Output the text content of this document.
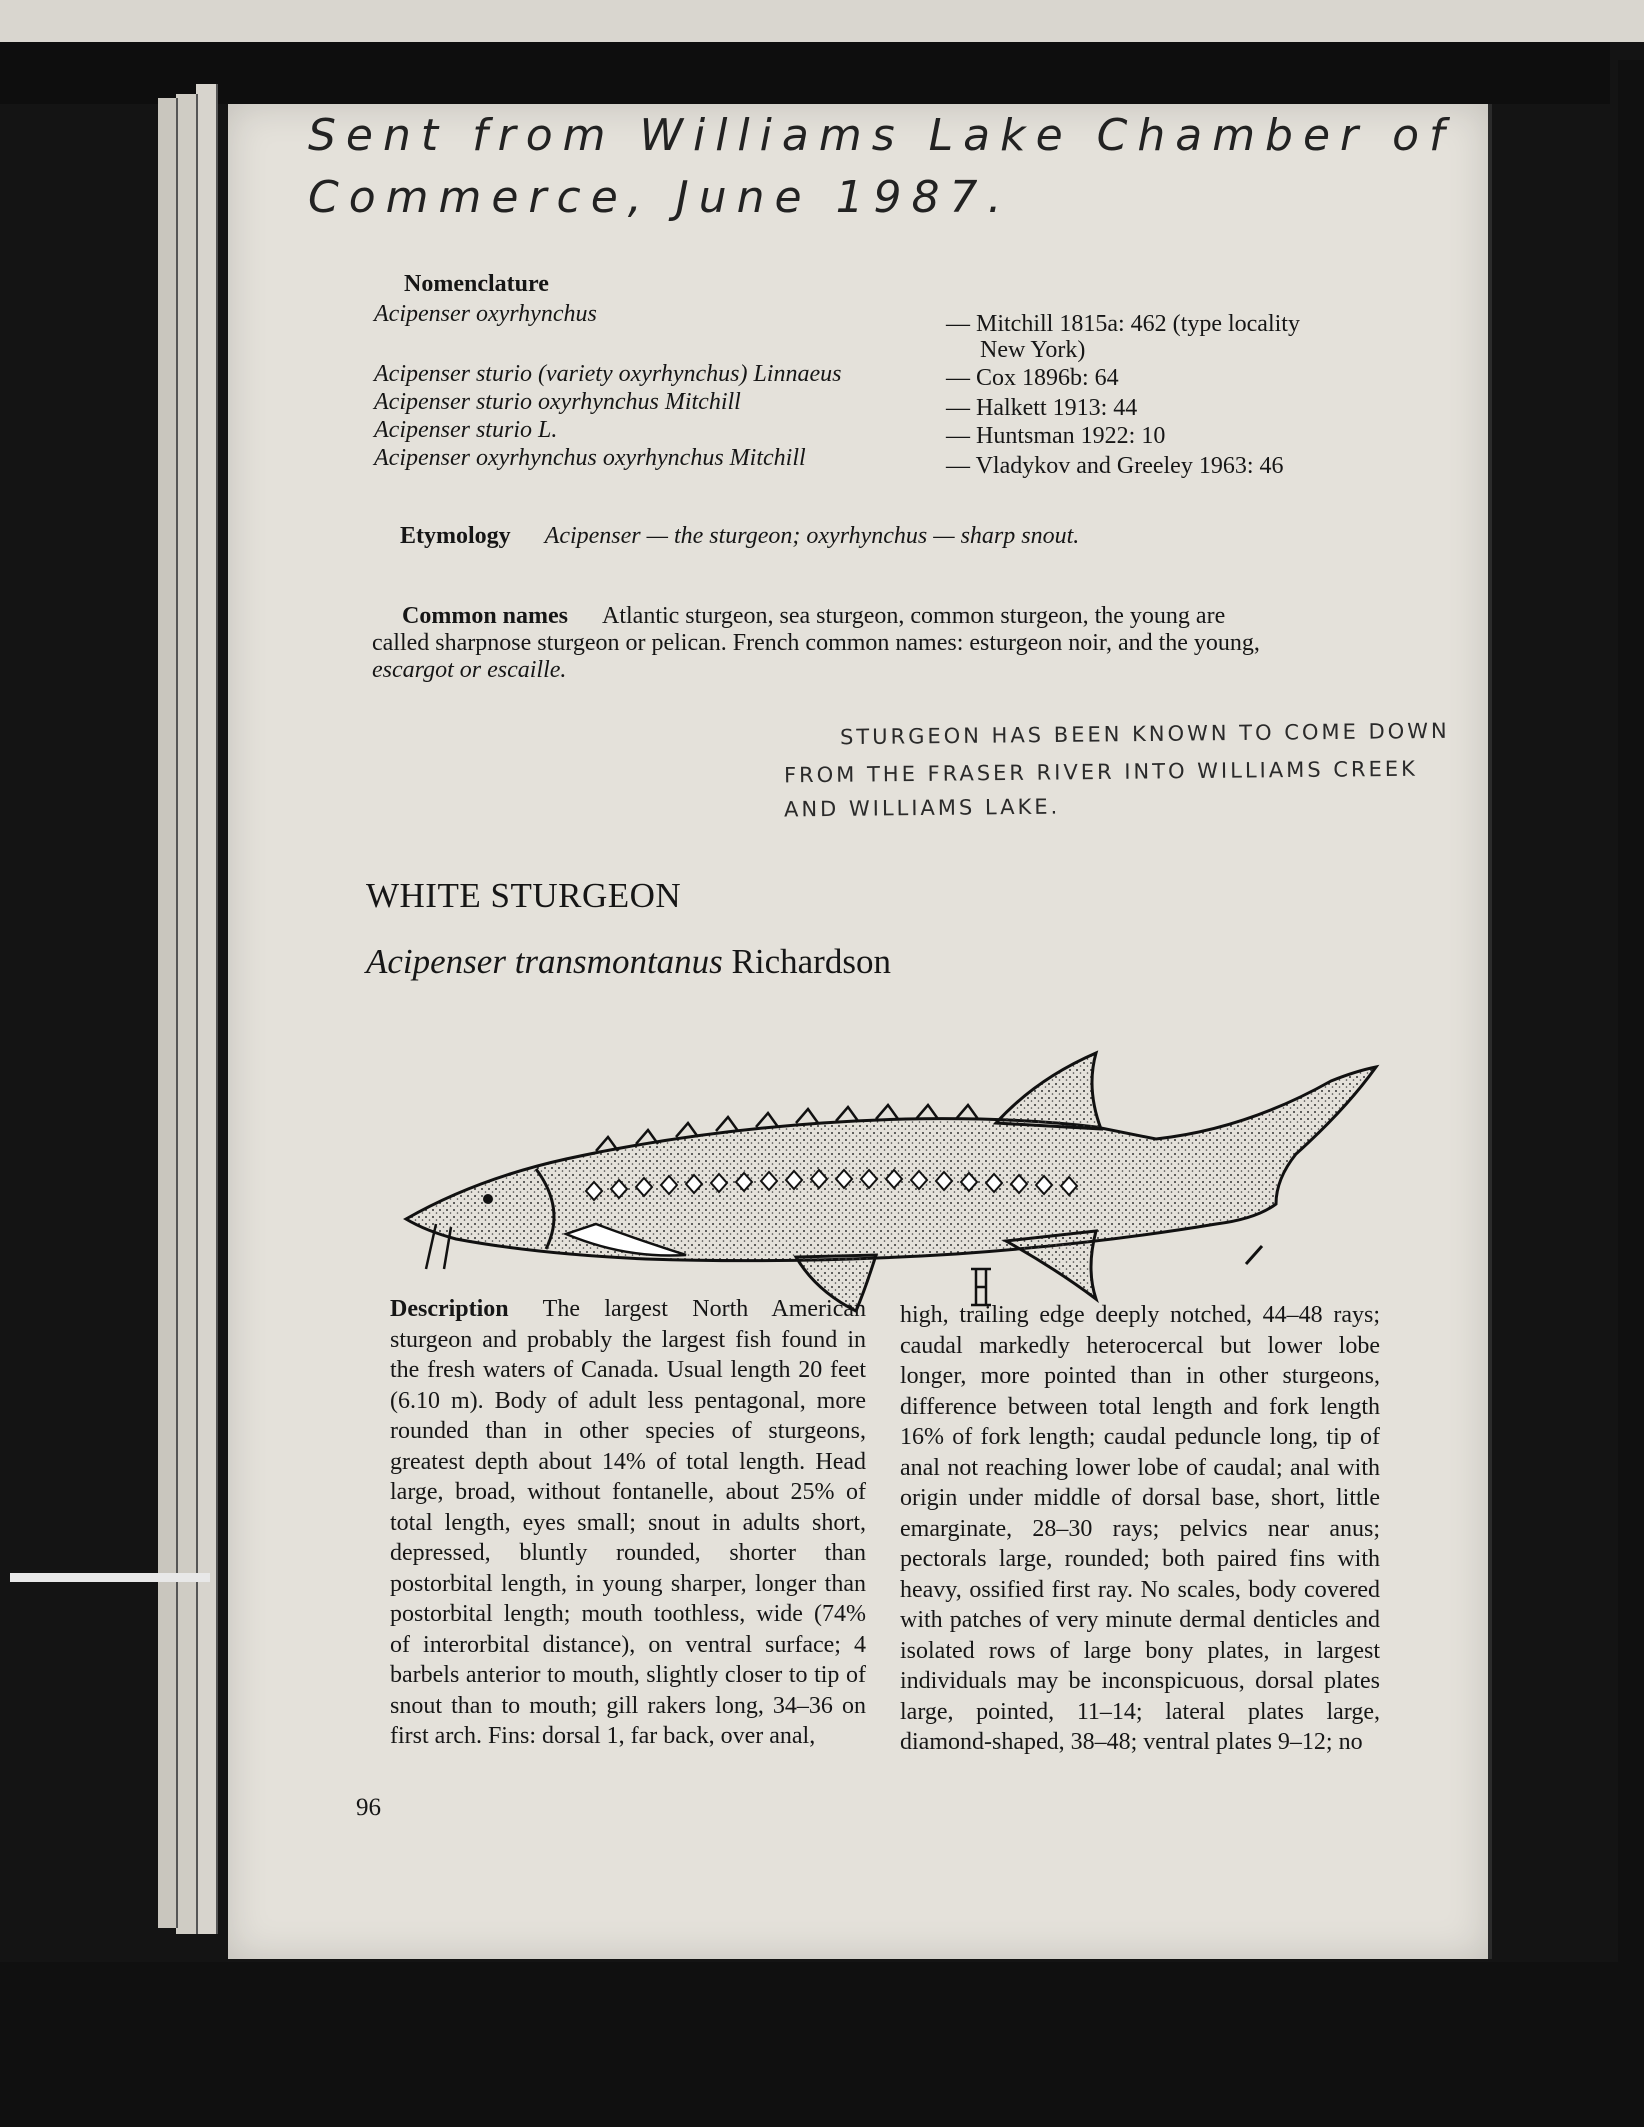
Sent from Williams Lake Chamber of
Commerce, June 1987.
Nomenclature
Acipenser oxyrhynchus	— Mitchill 1815a: 462 (type locality
New York)
Acipenser sturio (variety oxyrhynchus) Linnaeus	— Cox 1896b: 64
Acipenser sturio oxyrhynchus Mitchill	— Halkett 1913: 44
Acipenser sturio L.	— Huntsman 1922: 10
Acipenser oxyrhynchus oxyrhynchus Mitchill	— Vladykov and Greeley 1963: 46
Etymology Acipenser — the sturgeon; oxyrhynchus — sharp snout.
Common names Atlantic sturgeon, sea sturgeon, common sturgeon, the young are
called sharpnose sturgeon or pelican. French common names: esturgeon noir, and the young,
escargot or escaille.
STURGEON HAS BEEN KNOWN TO COME DOWN
FROM THE FRASER RIVER INTO WILLIAMS CREEK
AND WILLIAMS LAKE.
WHITE STURGEON
Acipenser transmontanus Richardson

Description The largest North American sturgeon and probably the largest fish found in the fresh waters of Canada. Usual length 20 feet (6.10 m). Body of adult less pentagonal, more rounded than in other species of sturgeons, greatest depth about 14% of total length. Head large, broad, without fontanelle, about 25% of total length, eyes small; snout in adults short, depressed, bluntly rounded, shorter than postorbital length, in young sharper, longer than postorbital length; mouth toothless, wide (74% of interorbital distance), on ventral surface; 4 barbels anterior to mouth, slightly closer to tip of snout than to mouth; gill rakers long, 34–36 on first arch. Fins: dorsal 1, far back, over anal,

high, trailing edge deeply notched, 44–48 rays; caudal markedly heterocercal but lower lobe longer, more pointed than in other sturgeons, difference between total length and fork length 16% of fork length; caudal peduncle long, tip of anal not reaching lower lobe of caudal; anal with origin under middle of dorsal base, short, little emarginate, 28–30 rays; pelvics near anus; pectorals large, rounded; both paired fins with heavy, ossified first ray. No scales, body covered with patches of very minute dermal denticles and isolated rows of large bony plates, in largest individuals may be inconspicuous, dorsal plates large, pointed, 11–14; lateral plates large, diamond-shaped, 38–48; ventral plates 9–12; no

96
